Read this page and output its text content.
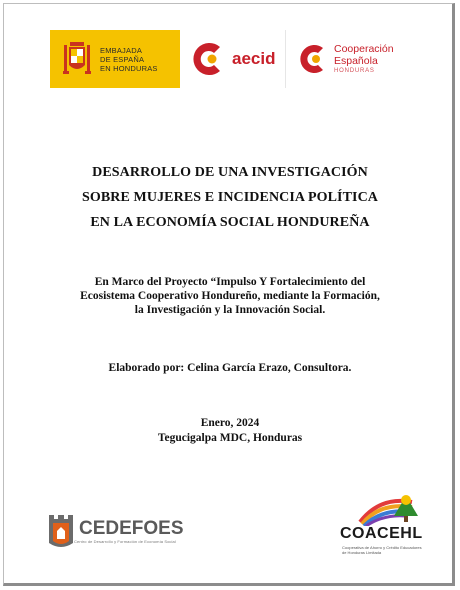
EMBAJADA
DE ESPAÑA
EN HONDURAS	aecid	Cooperación
Española
HONDURAS
DESARROLLO DE UNA INVESTIGACIÓN
SOBRE MUJERES E INCIDENCIA POLÍTICA
EN LA ECONOMÍA SOCIAL HONDUREÑA
En Marco del Proyecto “Impulso Y Fortalecimiento del
Ecosistema Cooperativo Hondureño, mediante la Formación,
la Investigación y la Innovación Social.
Elaborado por: Celina García Erazo, Consultora.
Enero, 2024
Tegucigalpa MDC, Honduras
CEDEFOES
Centro de Desarrollo y Formación de Economía Social	COACEHL
Cooperativa de Ahorro y Crédito Educadores de Honduras Limitada
